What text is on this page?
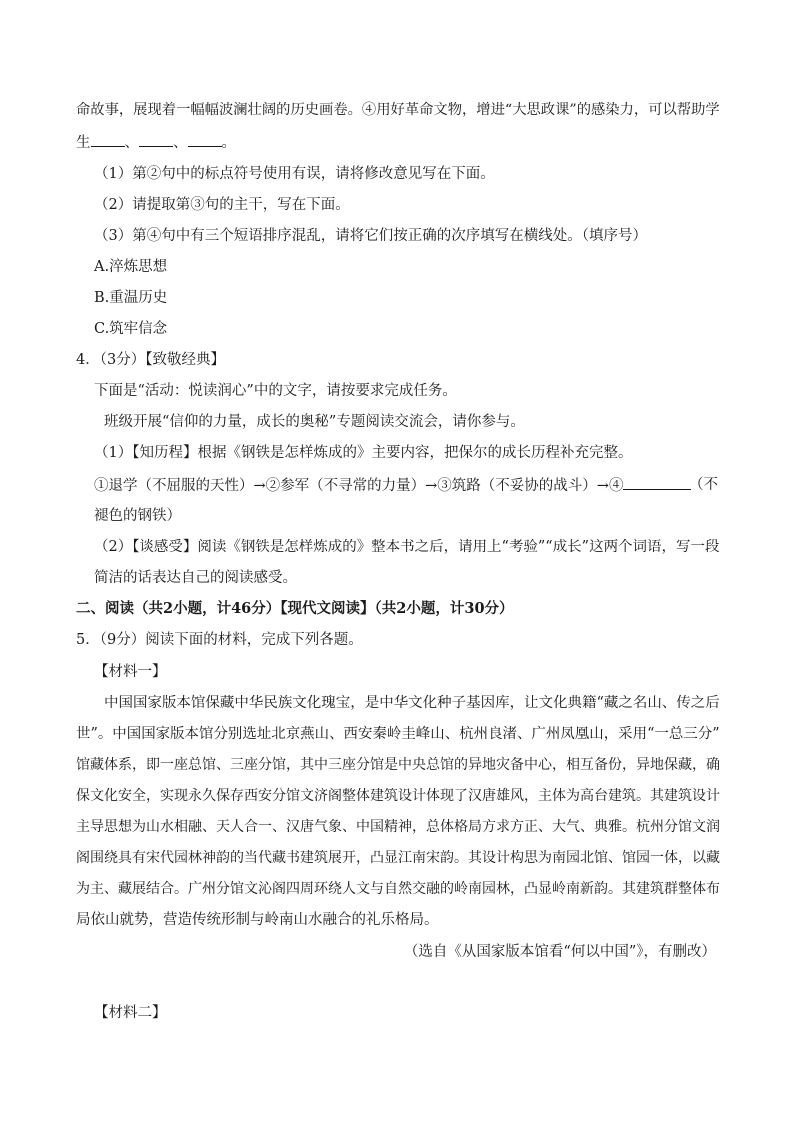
命故事，展现着一幅幅波澜壮阔的历史画卷。④用好革命文物，增进“大思政课”的感染力，可以帮助学
生 、 、 。
（1）第②句中的标点符号使用有误，请将修改意见写在下面。
（2）请提取第③句的主干，写在下面。
（3）第④句中有三个短语排序混乱，请将它们按正确的次序填写在横线处。（填序号）
A.淬炼思想
B.重温历史
C.筑牢信念
4．（3分）【致敬经典】
下面是“活动：悦读润心”中的文字，请按要求完成任务。
班级开展“信仰的力量，成长的奥秘”专题阅读交流会，请你参与。
（1）【知历程】根据《钢铁是怎样炼成的》主要内容，把保尔的成长历程补充完整。
①退学（不屈服的天性）→②参军（不寻常的力量）→③筑路（不妥协的战斗）→④	（不
褪色的钢铁）
（2）【谈感受】阅读《钢铁是怎样炼成的》整本书之后，请用上“考验”“成长”这两个词语，写一段
简洁的话表达自己的阅读感受。
二、阅读（共2小题，计46分）【现代文阅读】（共2小题，计30分）
5．（9分）阅读下面的材料，完成下列各题。
【材料一】
中国国家版本馆保藏中华民族文化瑰宝，是中华文化种子基因库，让文化典籍“藏之名山、传之后
世”。中国国家版本馆分别选址北京燕山、西安秦岭圭峰山、杭州良渚、广州凤凰山，采用“一总三分”
馆藏体系，即一座总馆、三座分馆，其中三座分馆是中央总馆的异地灾备中心，相互备份，异地保藏，确
保文化安全，实现永久保存西安分馆文济阁整体建筑设计体现了汉唐雄风，主体为高台建筑。其建筑设计
主导思想为山水相融、天人合一、汉唐气象、中国精神，总体格局方求方正、大气、典雅。杭州分馆文润
阁围绕具有宋代园林神韵的当代藏书建筑展开，凸显江南宋韵。其设计构思为南园北馆、馆园一体，以藏
为主、藏展结合。广州分馆文沁阁四周环绕人文与自然交融的岭南园林，凸显岭南新韵。其建筑群整体布
局依山就势，营造传统形制与岭南山水融合的礼乐格局。
（选自《从国家版本馆看“何以中国”》，有删改）
【材料二】
